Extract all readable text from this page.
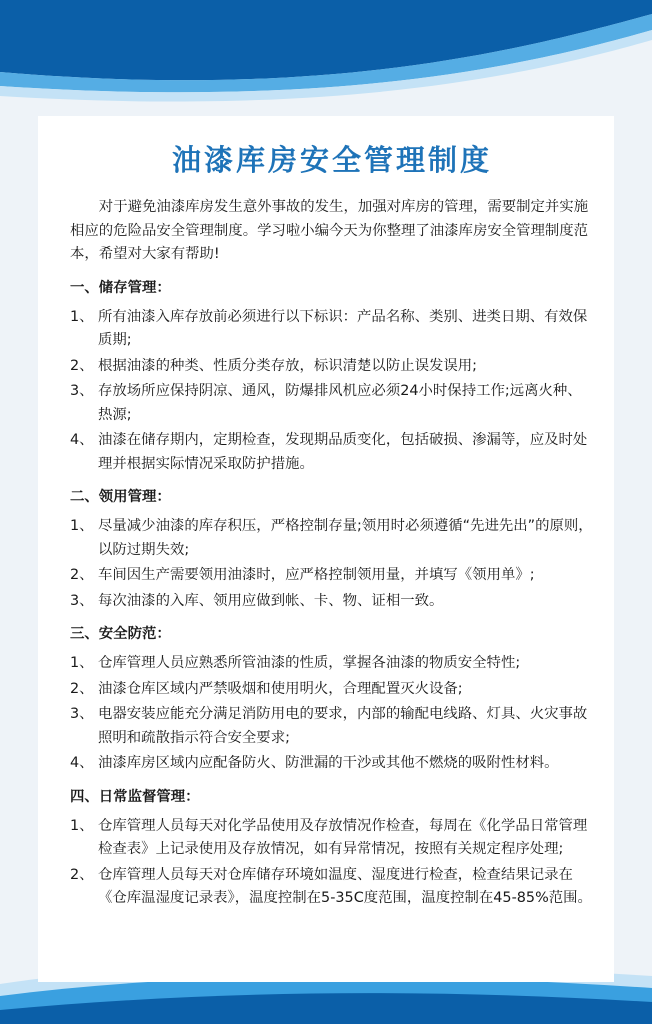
油漆库房安全管理制度

对于避免油漆库房发生意外事故的发生，加强对库房的管理，需要制定并实施相应的危险品安全管理制度。学习啦小编今天为你整理了油漆库房安全管理制度范本，希望对大家有帮助!

一、储存管理：
1、 所有油漆入库存放前必须进行以下标识：产品名称、类别、进类日期、有效保质期;
2、 根据油漆的种类、性质分类存放，标识清楚以防止误发误用;
3、 存放场所应保持阴凉、通风，防爆排风机应必须24小时保持工作;远离火种、热源;
4、 油漆在储存期内，定期检查，发现期品质变化，包括破损、渗漏等，应及时处理并根据实际情况采取防护措施。
二、领用管理：
1、 尽量减少油漆的库存积压，严格控制存量;领用时必须遵循“先进先出”的原则，以防过期失效;
2、 车间因生产需要领用油漆时，应严格控制领用量，并填写《领用单》;
3、 每次油漆的入库、领用应做到帐、卡、物、证相一致。
三、安全防范：
1、 仓库管理人员应熟悉所管油漆的性质，掌握各油漆的物质安全特性;
2、 油漆仓库区域内严禁吸烟和使用明火，合理配置灭火设备;
3、 电器安装应能充分满足消防用电的要求，内部的输配电线路、灯具、火灾事故照明和疏散指示符合安全要求;
4、 油漆库房区域内应配备防火、防泄漏的干沙或其他不燃烧的吸附性材料。
四、日常监督管理：
1、 仓库管理人员每天对化学品使用及存放情况作检查，每周在《化学品日常管理检查表》上记录使用及存放情况，如有异常情况，按照有关规定程序处理;
2、 仓库管理人员每天对仓库储存环境如温度、湿度进行检查，检查结果记录在《仓库温湿度记录表》，温度控制在5-35C度范围，温度控制在45-85%范围。
